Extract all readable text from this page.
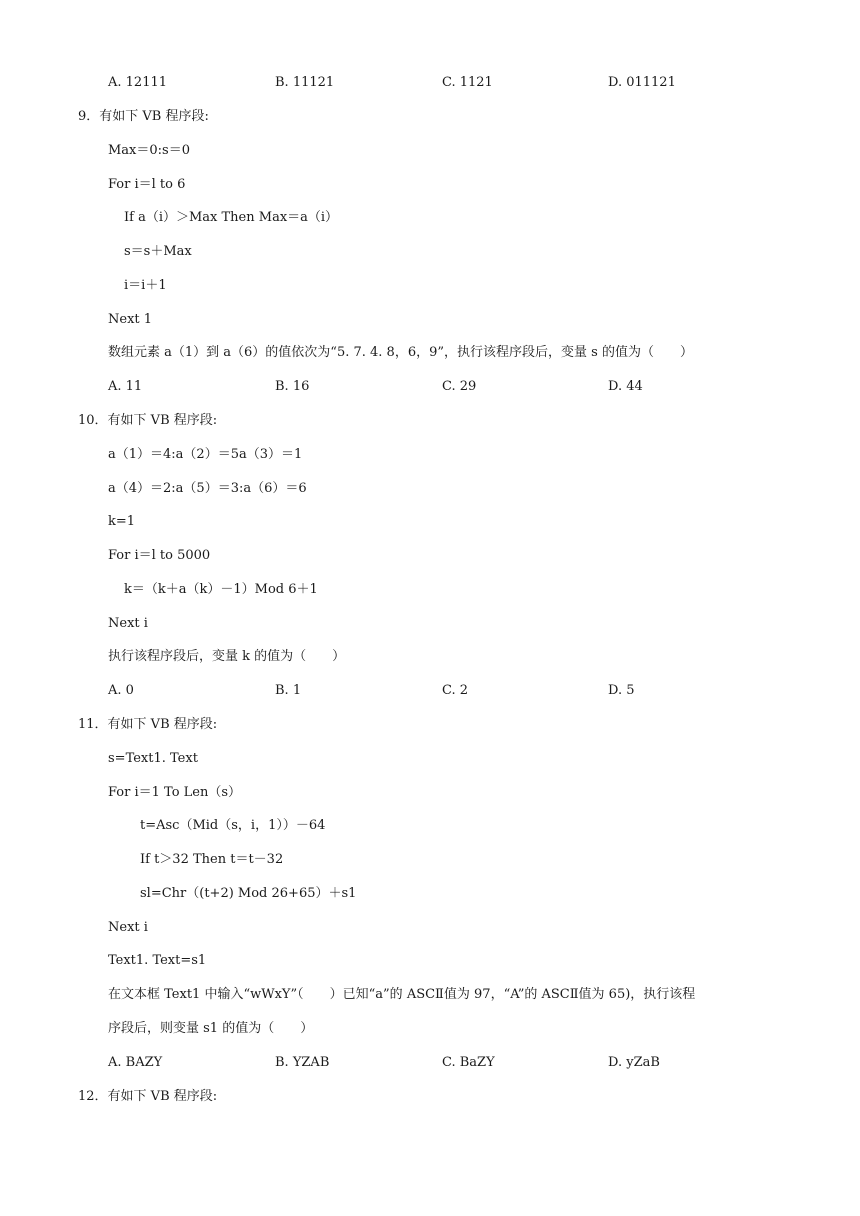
A. 12111	B. 11121	C. 1121	D. 011121
9．有如下 VB 程序段:
Max＝0:s＝0
For i＝l to 6
If a（i）＞Max Then Max＝a（i）
s＝s＋Max
i＝i＋1
Next 1
数组元素 a（1）到 a（6）的值依次为“5. 7. 4. 8，6，9”，执行该程序段后，变量 s 的值为（　　）
A. 11	B. 16	C. 29	D. 44
10．有如下 VB 程序段:
a（1）＝4:a（2）＝5a（3）＝1
a（4）＝2:a（5）＝3:a（6）＝6
k=1
For i＝l to 5000
k＝（k＋a（k）－1）Mod 6＋1
Next i
执行该程序段后，变量 k 的值为（　　）
A. 0	B. 1	C. 2	D. 5
11．有如下 VB 程序段:
s=Text1. Text
For i＝1 To Len（s）
t=Asc（Mid（s，i，1））－64
If t＞32 Then t＝t－32
sl=Chr（(t+2) Mod 26+65）＋s1
Next i
Text1. Text=s1
在文本框 Text1 中输入“wWxY”（　　）已知“a”的 ASCⅡ值为 97，“A”的 ASCⅡ值为 65)，执行该程
序段后，则变量 s1 的值为（　　）
A. BAZY	B. YZAB	C. BaZY	D. yZaB
12．有如下 VB 程序段:
